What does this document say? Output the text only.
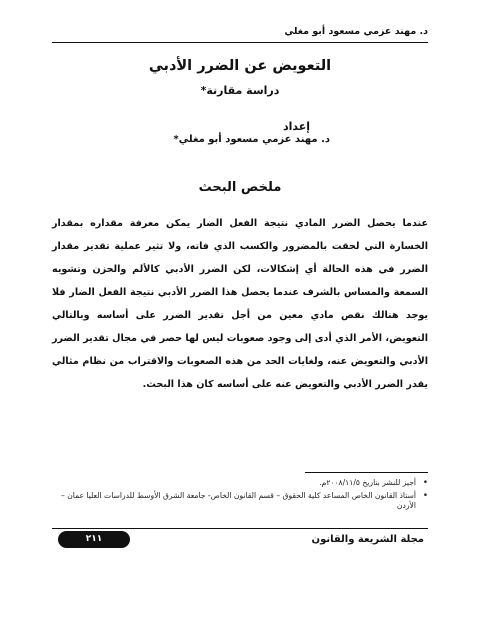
د. مهند عزمي مسعود أبو مغلي
التعويض عن الضرر الأدبي

دراسة مقارنة*

إعداد
د. مهند عزمي مسعود أبو مغلي*
ملخص البحث

عندما يحصل الضرر المادي نتيجة الفعل الضار يمكن معرفة مقداره بمقدار الخسارة التي لحقت بالمضرور والكسب الذي فاته، ولا تثير عملية تقدير مقدار الضرر في هذه الحالة أي إشكالات، لكن الضرر الأدبي كالألم والحزن وتشويه السمعة والمساس بالشرف عندما يحصل هذا الضرر الأدبي نتيجة الفعل الضار فلا يوجد هنالك نقص مادي معين من أجل تقدير الضرر على أساسه وبالتالي التعويض، الأمر الذي أدى إلى وجود صعوبات ليس لها حصر في مجال تقدير الضرر الأدبي والتعويض عنه، ولغايات الحد من هذه الصعوبات والاقتراب من نظام مثالي يقدر الضرر الأدبي والتعويض عنه على أساسه كان هذا البحث.

• أجيز للنشر بتاريخ ٢٠٠٨/١١/٥م.
• أستاذ القانون الخاص المساعد كلية الحقوق – قسم القانون الخاص- جامعة الشرق الأوسط للدراسات العليا عمان – الأردن
مجلة الشريعة والقانون
٢١١
